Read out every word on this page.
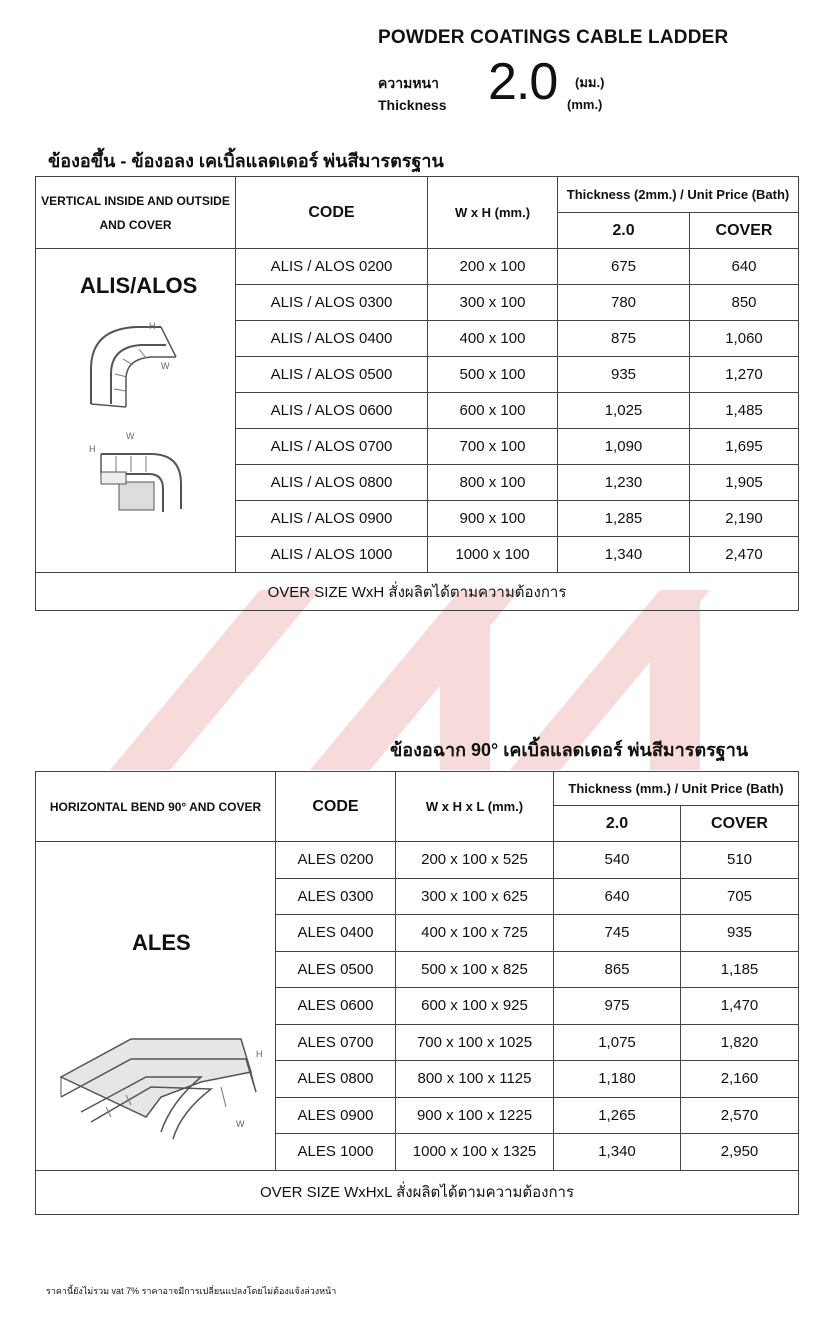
POWDER COATINGS CABLE LADDER
ความหนา
Thickness 2.0 (มม.)
(mm.)
ข้องอขึ้น - ข้องอลง เคเบิ้ลแลดเดอร์ พ่นสีมารตรฐาน
VERTICAL INSIDE AND OUTSIDE AND COVER	CODE	W x H (mm.)	Thickness (2mm.) / Unit Price (Bath)	
			2.0	COVER

ALIS/ALOS
H
W
H
W	ALIS / ALOS 0200	200 x 100	675	640
	ALIS / ALOS 0300	300 x 100	780	850
	ALIS / ALOS 0400	400 x 100	875	1,060
	ALIS / ALOS 0500	500 x 100	935	1,270
	ALIS / ALOS 0600	600 x 100	1,025	1,485
	ALIS / ALOS 0700	700 x 100	1,090	1,695
	ALIS / ALOS 0800	800 x 100	1,230	1,905
	ALIS / ALOS 0900	900 x 100	1,285	2,190
	ALIS / ALOS 1000	1000 x 100	1,340	2,470
OVER SIZE WxH สั่งผลิตได้ตามความต้องการ				
ข้องอฉาก 90° เคเบิ้ลแลดเดอร์ พ่นสีมารตรฐาน
HORIZONTAL BEND 90° AND COVER	CODE	W x H x L (mm.)	Thickness (mm.) / Unit Price (Bath)	
			2.0	COVER

ALES
H
W	ALES 0200	200 x 100 x 525	540	510
	ALES 0300	300 x 100 x 625	640	705
	ALES 0400	400 x 100 x 725	745	935
	ALES 0500	500 x 100 x 825	865	1,185
	ALES 0600	600 x 100 x 925	975	1,470
	ALES 0700	700 x 100 x 1025	1,075	1,820
	ALES 0800	800 x 100 x 1125	1,180	2,160
	ALES 0900	900 x 100 x 1225	1,265	2,570
	ALES 1000	1000 x 100 x 1325	1,340	2,950
OVER SIZE WxHxL สั่งผลิตได้ตามความต้องการ				
ราคานี้ยังไม่รวม vat 7% ราคาอาจมีการเปลี่ยนแปลงโดยไม่ต้องแจ้งล่วงหน้า
